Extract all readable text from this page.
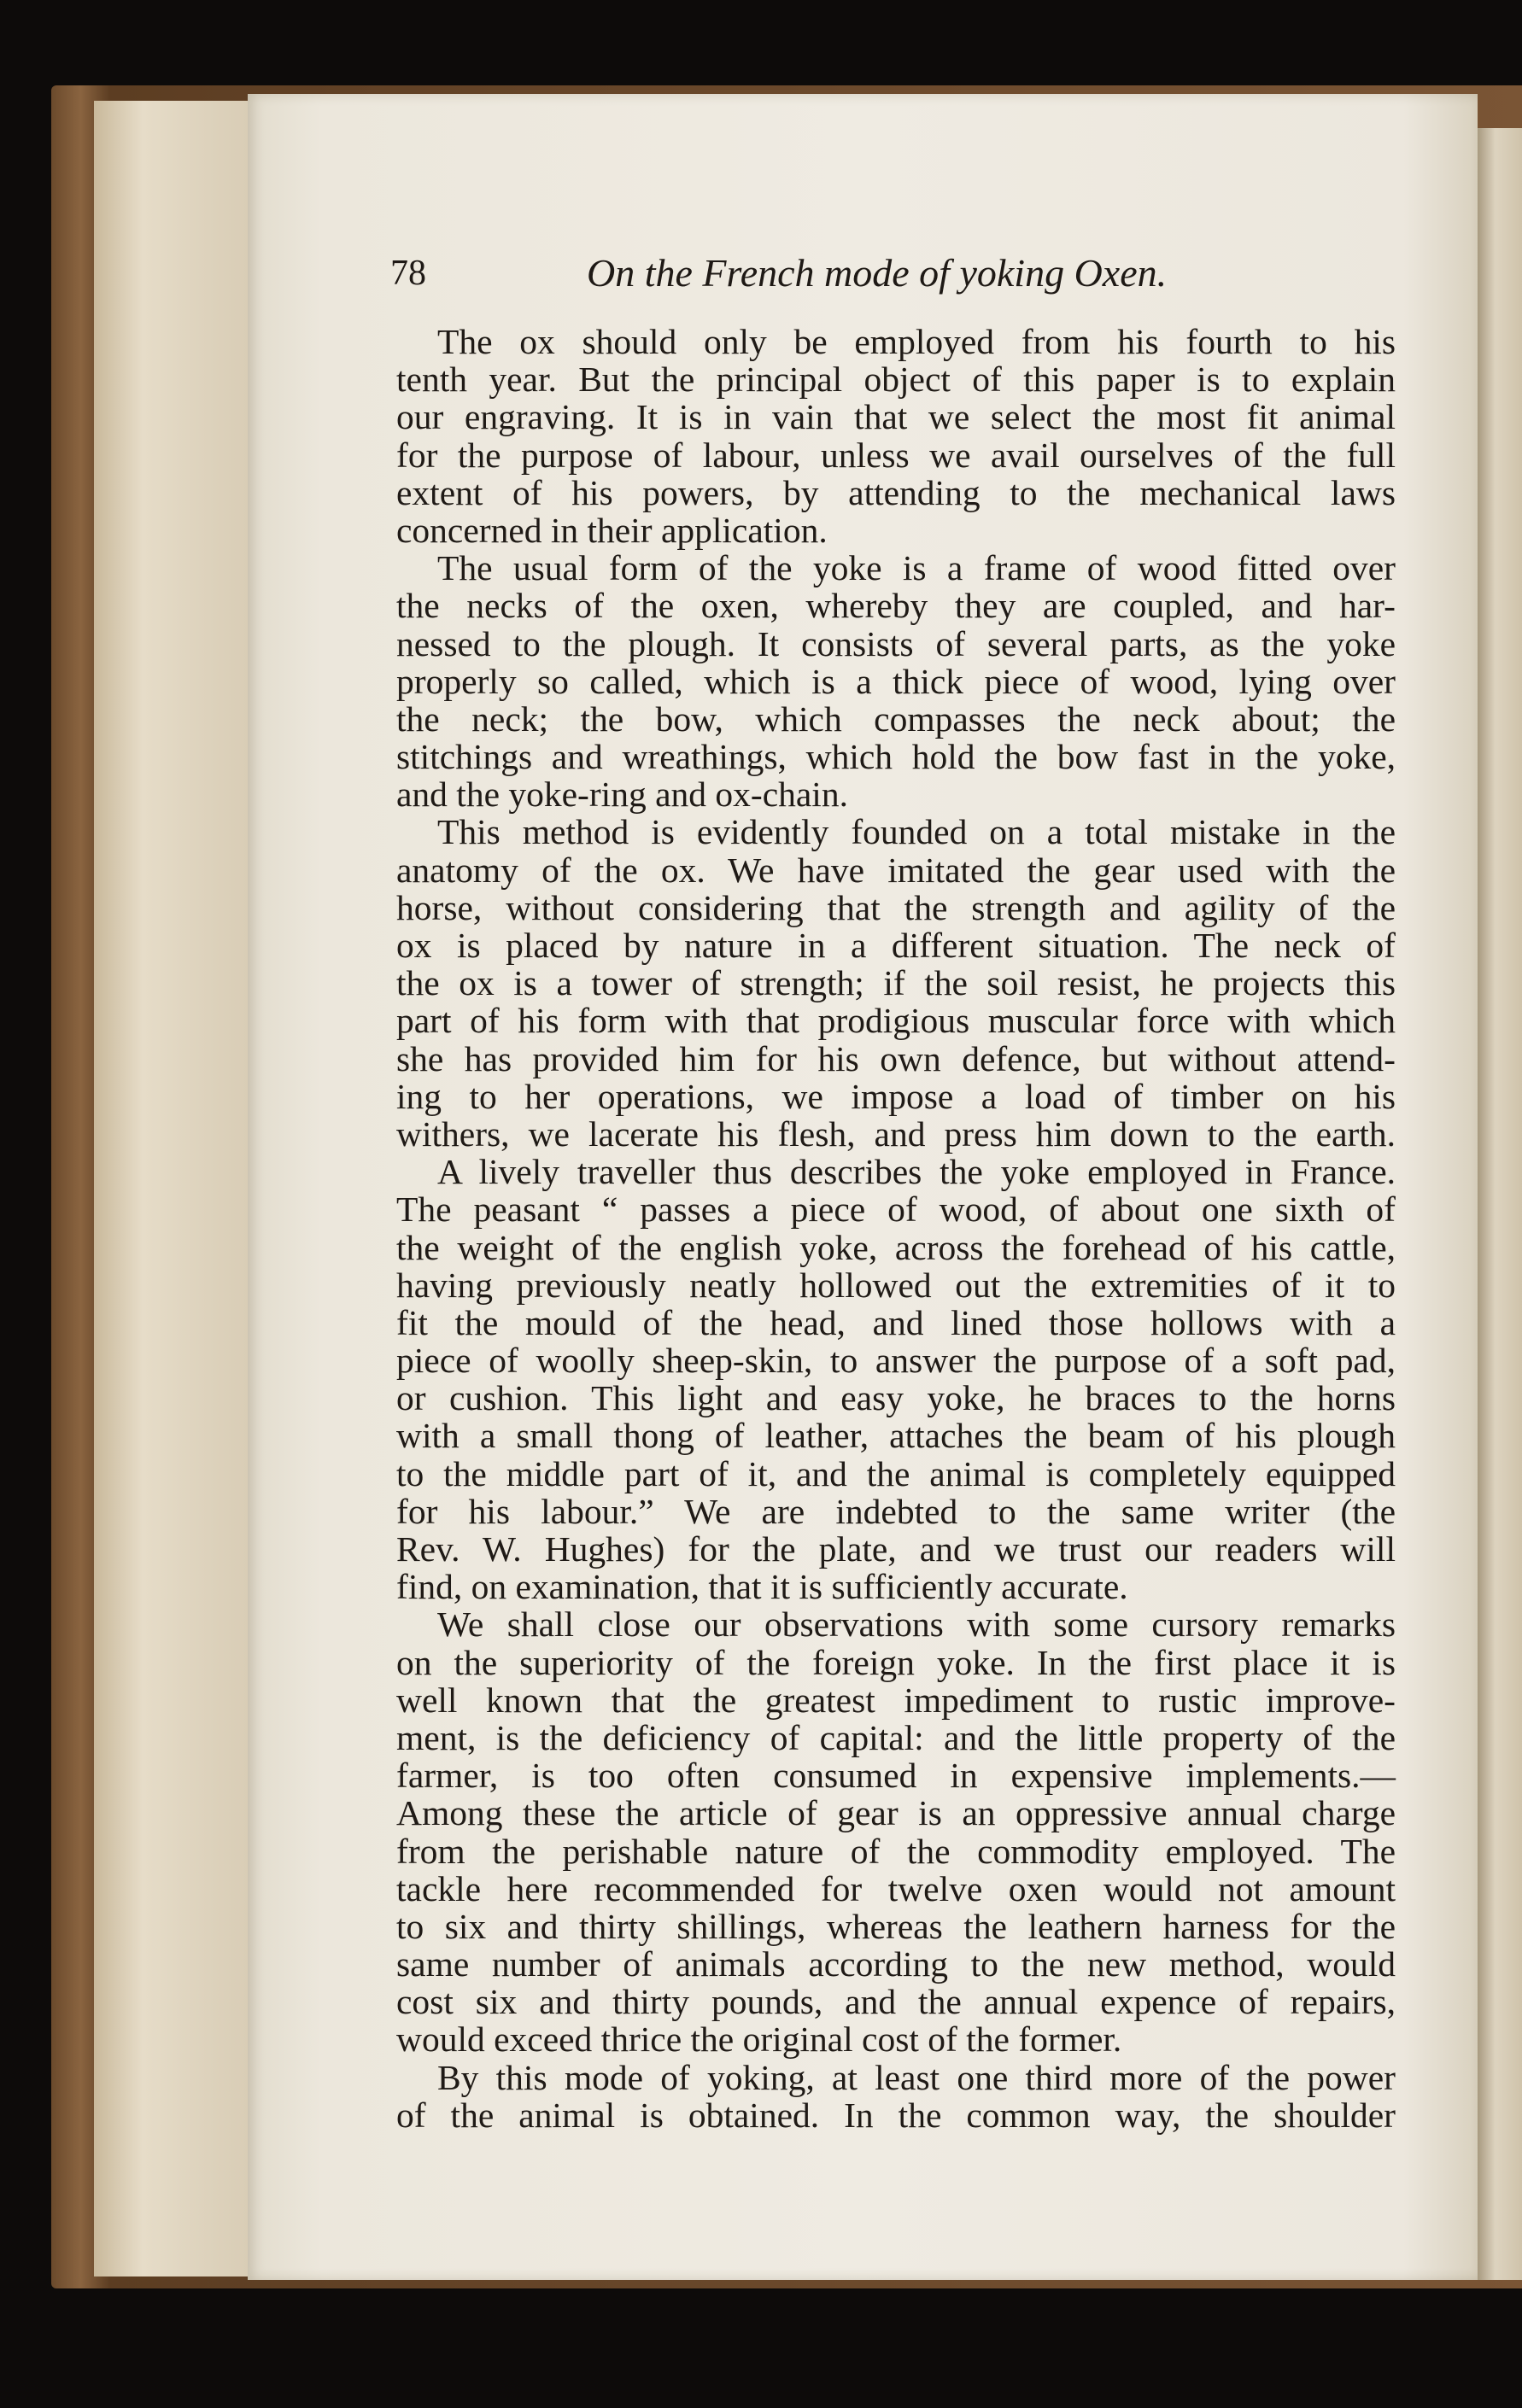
78	On the French mode of yoking Oxen.
The ox should only be employed from his fourth to his
tenth year. But the principal object of this paper is to explain
our engraving. It is in vain that we select the most fit animal
for the purpose of labour, unless we avail ourselves of the full
extent of his powers, by attending to the mechanical laws
concerned in their application.
The usual form of the yoke is a frame of wood fitted over
the necks of the oxen, whereby they are coupled, and har-
nessed to the plough. It consists of several parts, as the yoke
properly so called, which is a thick piece of wood, lying over
the neck; the bow, which compasses the neck about; the
stitchings and wreathings, which hold the bow fast in the yoke,
and the yoke-ring and ox-chain.
This method is evidently founded on a total mistake in the
anatomy of the ox. We have imitated the gear used with the
horse, without considering that the strength and agility of the
ox is placed by nature in a different situation. The neck of
the ox is a tower of strength; if the soil resist, he projects this
part of his form with that prodigious muscular force with which
she has provided him for his own defence, but without attend-
ing to her operations, we impose a load of timber on his
withers, we lacerate his flesh, and press him down to the earth.
A lively traveller thus describes the yoke employed in France.
The peasant “ passes a piece of wood, of about one sixth of
the weight of the english yoke, across the forehead of his cattle,
having previously neatly hollowed out the extremities of it to
fit the mould of the head, and lined those hollows with a
piece of woolly sheep-skin, to answer the purpose of a soft pad,
or cushion. This light and easy yoke, he braces to the horns
with a small thong of leather, attaches the beam of his plough
to the middle part of it, and the animal is completely equipped
for his labour.” We are indebted to the same writer (the
Rev. W. Hughes) for the plate, and we trust our readers will
find, on examination, that it is sufficiently accurate.
We shall close our observations with some cursory remarks
on the superiority of the foreign yoke. In the first place it is
well known that the greatest impediment to rustic improve-
ment, is the deficiency of capital: and the little property of the
farmer, is too often consumed in expensive implements.—
Among these the article of gear is an oppressive annual charge
from the perishable nature of the commodity employed. The
tackle here recommended for twelve oxen would not amount
to six and thirty shillings, whereas the leathern harness for the
same number of animals according to the new method, would
cost six and thirty pounds, and the annual expence of repairs,
would exceed thrice the original cost of the former.
By this mode of yoking, at least one third more of the power
of the animal is obtained. In the common way, the shoulder
